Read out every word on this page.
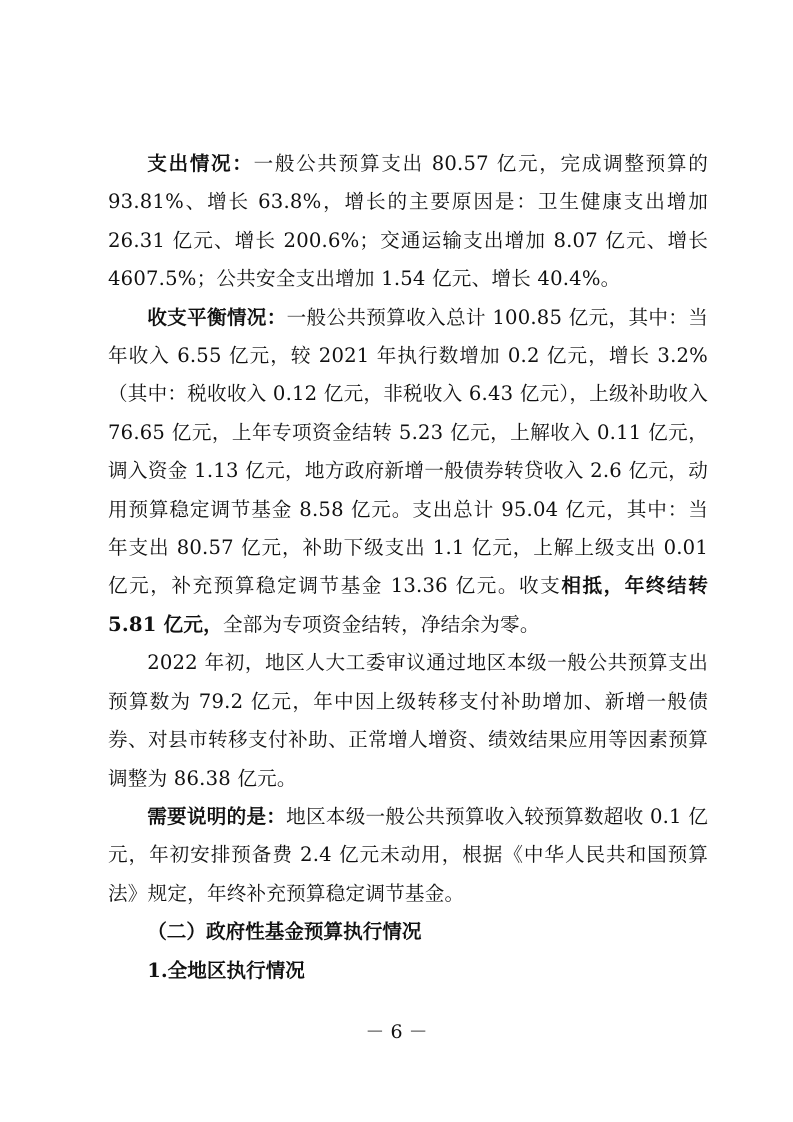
支出情况：一般公共预算支出 80.57 亿元，完成调整预算的 93.81%、增长 63.8%，增长的主要原因是：卫生健康支出增加 26.31 亿元、增长 200.6%；交通运输支出增加 8.07 亿元、增长 4607.5%；公共安全支出增加 1.54 亿元、增长 40.4%。

收支平衡情况：一般公共预算收入总计 100.85 亿元，其中：当年收入 6.55 亿元，较 2021 年执行数增加 0.2 亿元，增长 3.2%（其中：税收收入 0.12 亿元，非税收入 6.43 亿元），上级补助收入 76.65 亿元，上年专项资金结转 5.23 亿元，上解收入 0.11 亿元，调入资金 1.13 亿元，地方政府新增一般债券转贷收入 2.6 亿元，动用预算稳定调节基金 8.58 亿元。支出总计 95.04 亿元，其中：当年支出 80.57 亿元，补助下级支出 1.1 亿元，上解上级支出 0.01 亿元，补充预算稳定调节基金 13.36 亿元。收支相抵，年终结转 5.81 亿元，全部为专项资金结转，净结余为零。

2022 年初，地区人大工委审议通过地区本级一般公共预算支出预算数为 79.2 亿元，年中因上级转移支付补助增加、新增一般债券、对县市转移支付补助、正常增人增资、绩效结果应用等因素预算调整为 86.38 亿元。

需要说明的是：地区本级一般公共预算收入较预算数超收 0.1 亿元，年初安排预备费 2.4 亿元未动用，根据《中华人民共和国预算法》规定，年终补充预算稳定调节基金。

（二）政府性基金预算执行情况

1.全地区执行情况

－ 6 －
